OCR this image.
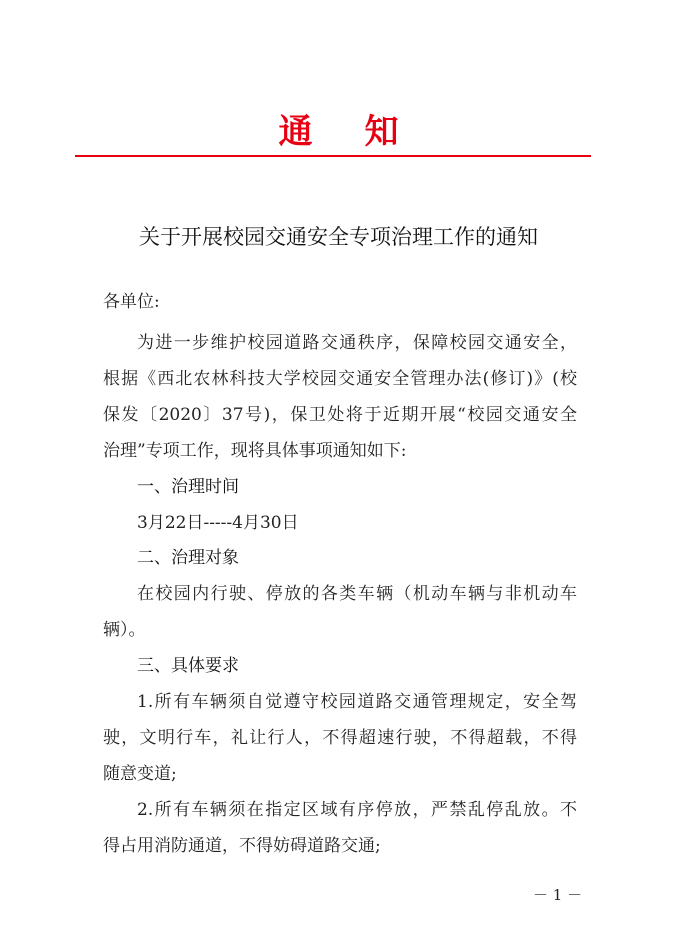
通 知
关于开展校园交通安全专项治理工作的通知
各单位:
为进一步维护校园道路交通秩序，保障校园交通安全，
根据《西北农林科技大学校园交通安全管理办法(修订)》(校
保发〔2020〕37号)，保卫处将于近期开展“校园交通安全
治理”专项工作，现将具体事项通知如下:
一、治理时间
3月22日-----4月30日
二、治理对象
在校园内行驶、停放的各类车辆（机动车辆与非机动车
辆）。
三、具体要求
1.所有车辆须自觉遵守校园道路交通管理规定，安全驾
驶，文明行车，礼让行人，不得超速行驶，不得超载，不得
随意变道;
2.所有车辆须在指定区域有序停放，严禁乱停乱放。不
得占用消防通道，不得妨碍道路交通;
－ 1 －
